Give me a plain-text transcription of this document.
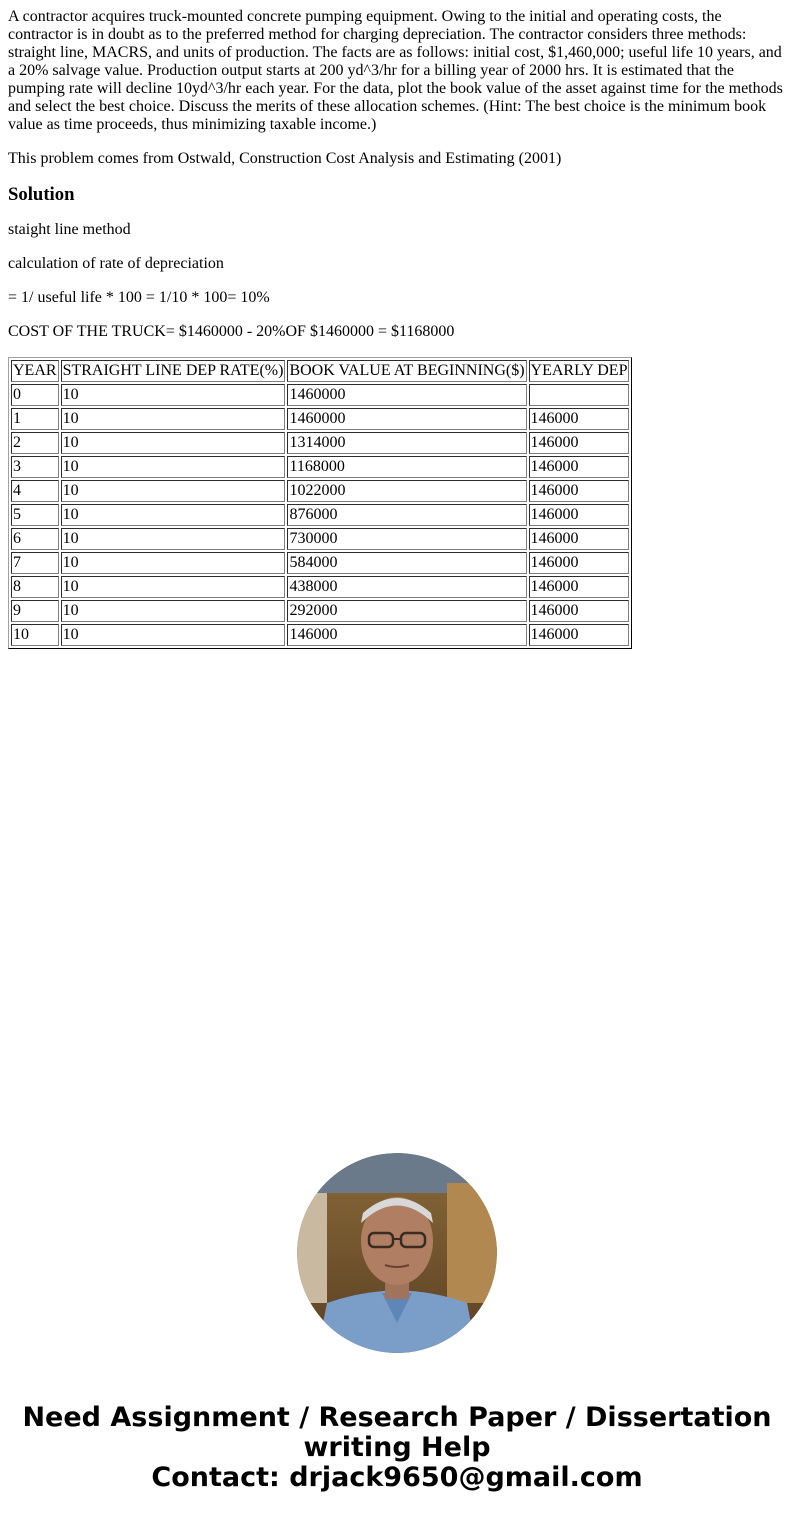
A contractor acquires truck-mounted concrete pumping equipment. Owing to the initial and operating costs, the contractor is in doubt as to the preferred method for charging depreciation. The contractor considers three methods: straight line, MACRS, and units of production. The facts are as follows: initial cost, $1,460,000; useful life 10 years, and a 20% salvage value. Production output starts at 200 yd^3/hr for a billing year of 2000 hrs. It is estimated that the pumping rate will decline 10yd^3/hr each year. For the data, plot the book value of the asset against time for the methods and select the best choice. Discuss the merits of these allocation schemes. (Hint: The best choice is the minimum book value as time proceeds, thus minimizing taxable income.)

This problem comes from Ostwald, Construction Cost Analysis and Estimating (2001)

Solution

staight line method

calculation of rate of depreciation

= 1/ useful life * 100 = 1/10 * 100= 10%

COST OF THE TRUCK= $1460000 - 20%OF $1460000 = $1168000

YEAR	STRAIGHT LINE DEP RATE(%)	BOOK VALUE AT BEGINNING($)	YEARLY DEP
0	10	1460000	
1	10	1460000	146000
2	10	1314000	146000
3	10	1168000	146000
4	10	1022000	146000
5	10	876000	146000
6	10	730000	146000
7	10	584000	146000
8	10	438000	146000
9	10	292000	146000
10	10	146000	146000
Need Assignment / Research Paper / Dissertation
writing Help
Contact: drjack9650@gmail.com
